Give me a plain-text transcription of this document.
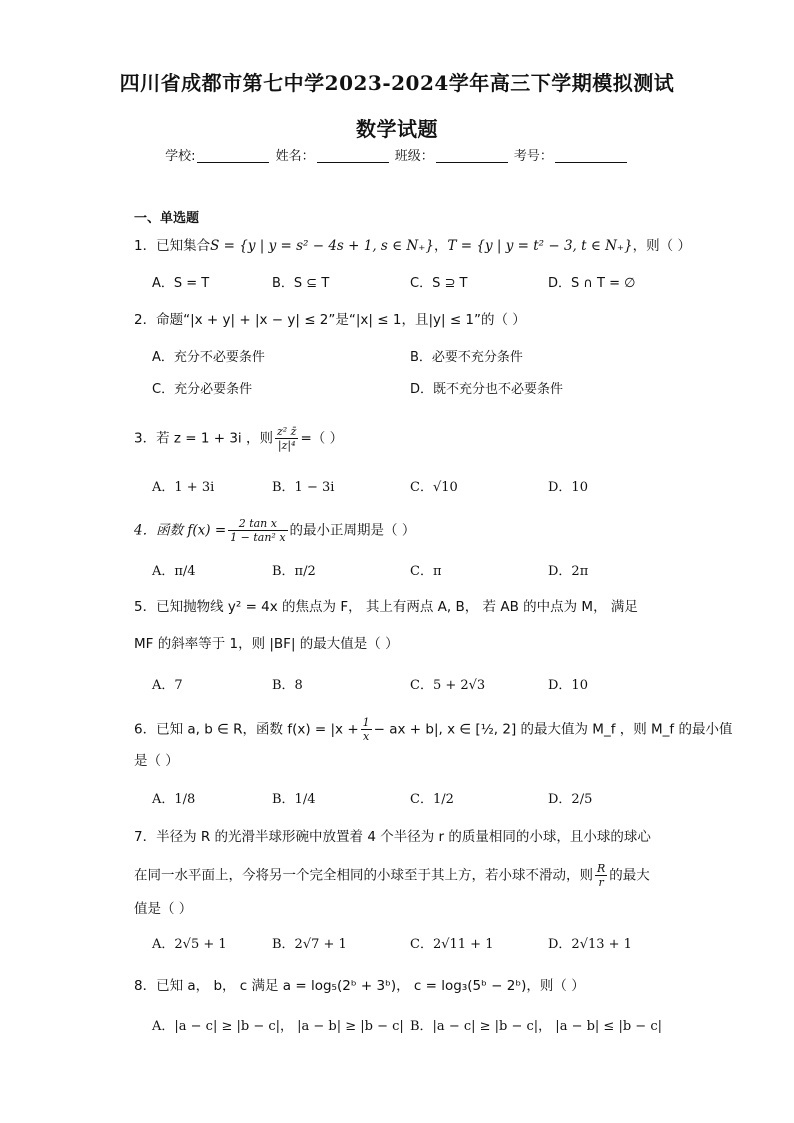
四川省成都市第七中学2023-2024学年高三下学期模拟测试
数学试题
学校:	姓名：	班级：	考号：
一、单选题
1．已知集合S = {y | y = s² − 4s + 1, s ∈ N₊}，T = {y | y = t² − 3, t ∈ N₊}，则（ ）
A．S = T	B．S ⊆ T	C．S ⊇ T	D．S ∩ T = ∅
2．命题“|x + y| + |x − y| ≤ 2”是“|x| ≤ 1，且|y| ≤ 1”的（ ）
A．充分不必要条件	B．必要不充分条件
C．充分必要条件	D．既不充分也不必要条件
3．若 z = 1 + 3i ，则 $\frac{\text{z² z̄}}{\text{|z|⁴}}$ =（ ）
A．1 + 3i	B．1 − 3i	C．√10	D．10
4．函数 $f(x) = \frac{\text{2 tan x}}{\text{1 − tan² x}}$ 的最小正周期是（ ）
A．π/4	B．π/2	C．π	D．2π
5．已知抛物线 y² = 4x 的焦点为 F， 其上有两点 A, B， 若 AB 的中点为 M， 满足
MF 的斜率等于 1，则 |BF| 的最大值是（ ）
A．7	B．8	C．5 + 2√3	D．10
6．已知 a, b ∈ R，函数 $f(x) = |x + \frac{1}{x}$ − ax + b|, x ∈ [½, 2] 的最大值为 M_f ，则 M_f 的最小值
是（ ）
A．1/8	B．1/4	C．1/2	D．2/5
7．半径为 R 的光滑半球形碗中放置着 4 个半径为 r 的质量相同的小球，且小球的球心
在同一水平面上，今将另一个完全相同的小球至于其上方，若小球不滑动，则 $\frac{R}{r}$ 的最大
值是（ ）
A．2√5 + 1	B．2√7 + 1	C．2√11 + 1	D．2√13 + 1
8．已知 a， b， c 满足 a = log₅(2ᵇ + 3ᵇ)， c = log₃(5ᵇ − 2ᵇ)，则（ ）
A．|a − c| ≥ |b − c|， |a − b| ≥ |b − c| B．|a − c| ≥ |b − c|， |a − b| ≤ |b − c|
